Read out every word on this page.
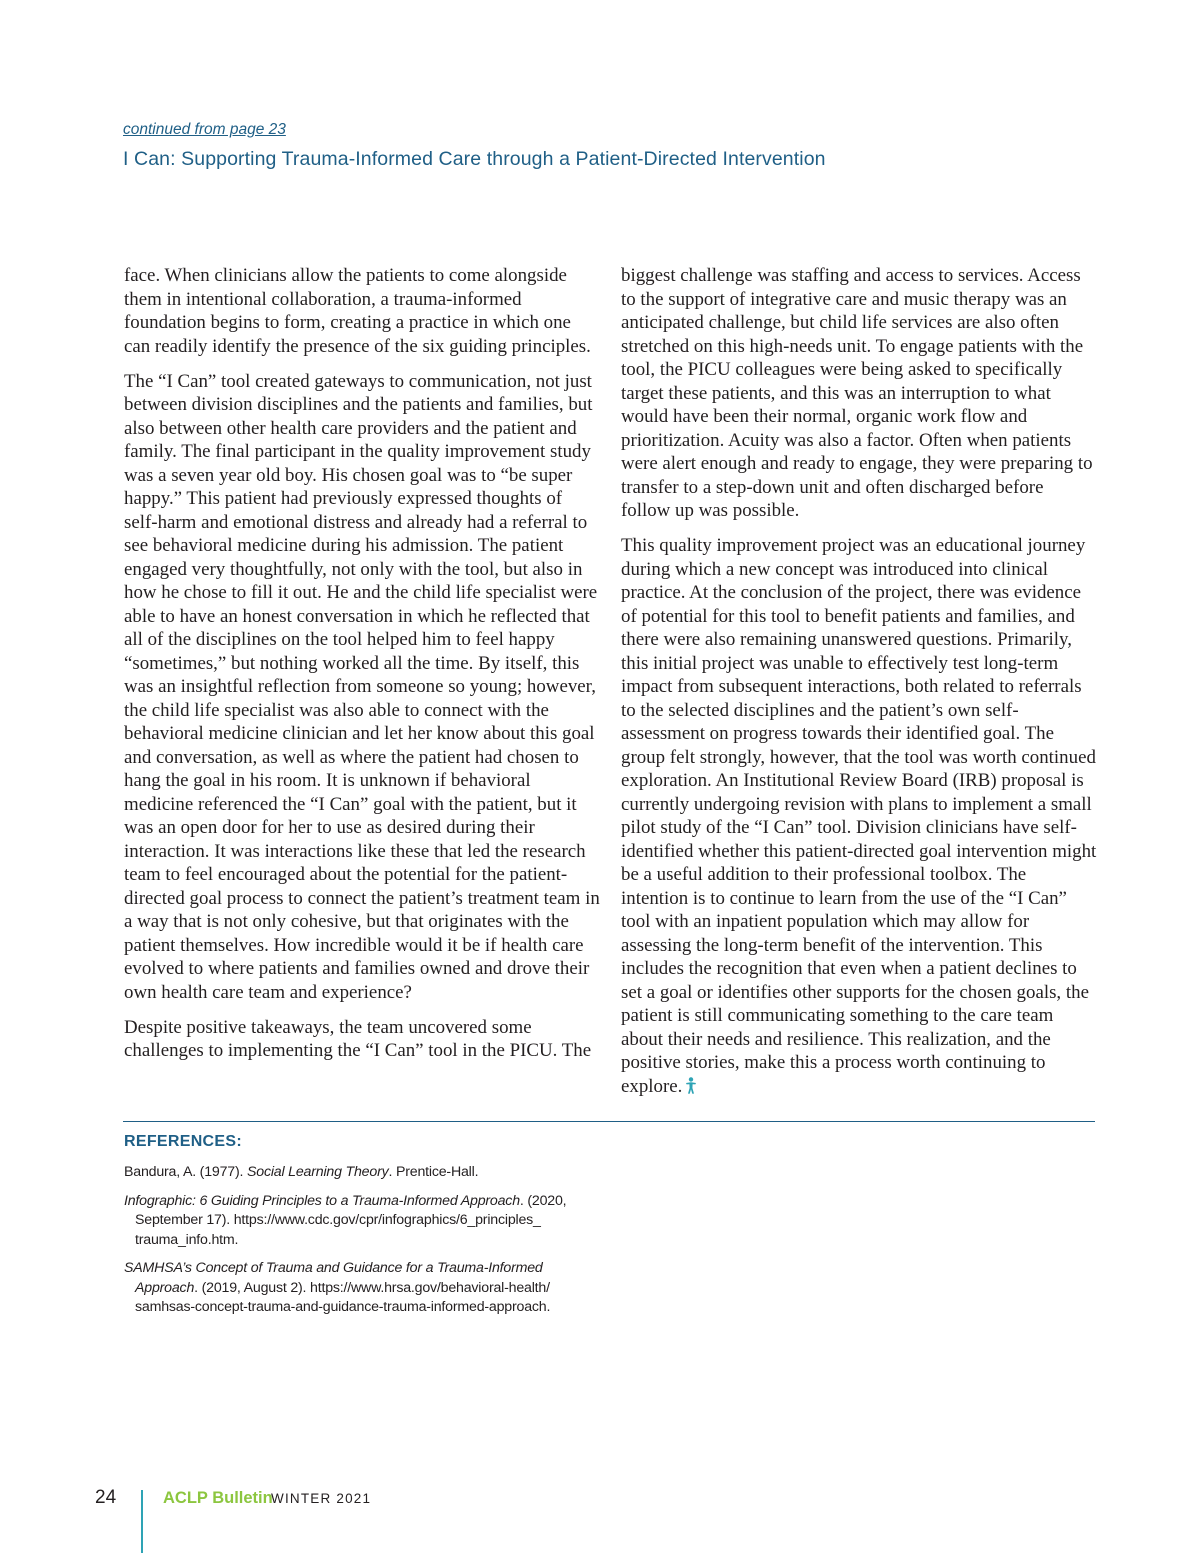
continued from page 23

I Can: Supporting Trauma-Informed Care through a Patient-Directed Intervention

face. When clinicians allow the patients to come alongside them in intentional collaboration, a trauma-informed foundation begins to form, creating a practice in which one can readily identify the presence of the six guiding principles.

The “I Can” tool created gateways to communication, not just between division disciplines and the patients and families, but also between other health care providers and the patient and family. The final participant in the quality improvement study was a seven year old boy. His chosen goal was to “be super happy.” This patient had previously expressed thoughts of self-harm and emotional distress and already had a referral to see behavioral medicine during his admission. The patient engaged very thoughtfully, not only with the tool, but also in how he chose to fill it out. He and the child life specialist were able to have an honest conversation in which he reflected that all of the disciplines on the tool helped him to feel happy “sometimes,” but nothing worked all the time. By itself, this was an insightful reflection from someone so young; however, the child life specialist was also able to connect with the behavioral medicine clinician and let her know about this goal and conversation, as well as where the patient had chosen to hang the goal in his room. It is unknown if behavioral medicine referenced the “I Can” goal with the patient, but it was an open door for her to use as desired during their interaction. It was interactions like these that led the research team to feel encouraged about the potential for the patient-directed goal process to connect the patient’s treatment team in a way that is not only cohesive, but that originates with the patient themselves. How incredible would it be if health care evolved to where patients and families owned and drove their own health care team and experience?

Despite positive takeaways, the team uncovered some challenges to implementing the “I Can” tool in the PICU. The

biggest challenge was staffing and access to services. Access to the support of integrative care and music therapy was an anticipated challenge, but child life services are also often stretched on this high-needs unit. To engage patients with the tool, the PICU colleagues were being asked to specifically target these patients, and this was an interruption to what would have been their normal, organic work flow and prioritization. Acuity was also a factor. Often when patients were alert enough and ready to engage, they were preparing to transfer to a step-down unit and often discharged before follow up was possible.

This quality improvement project was an educational journey during which a new concept was introduced into clinical practice. At the conclusion of the project, there was evidence of potential for this tool to benefit patients and families, and there were also remaining unanswered questions. Primarily, this initial project was unable to effectively test long-term impact from subsequent interactions, both related to referrals to the selected disciplines and the patient’s own self-assessment on progress towards their identified goal. The group felt strongly, however, that the tool was worth continued exploration. An Institutional Review Board (IRB) proposal is currently undergoing revision with plans to implement a small pilot study of the “I Can” tool. Division clinicians have self-identified whether this patient-directed goal intervention might be a useful addition to their professional toolbox. The intention is to continue to learn from the use of the “I Can” tool with an inpatient population which may allow for assessing the long-term benefit of the intervention. This includes the recognition that even when a patient declines to set a goal or identifies other supports for the chosen goals, the patient is still communicating something to the care team about their needs and resilience. This realization, and the positive stories, make this a process worth continuing to explore.

REFERENCES:
Bandura, A. (1977). Social Learning Theory. Prentice-Hall.
Infographic: 6 Guiding Principles to a Trauma-Informed Approach. (2020, September 17). https://www.cdc.gov/cpr/infographics/6_principles_ trauma_info.htm.
SAMHSA’s Concept of Trauma and Guidance for a Trauma-Informed Approach. (2019, August 2). https://www.hrsa.gov/behavioral-health/ samhsas-concept-trauma-and-guidance-trauma-informed-approach.
24	ACLP Bulletin
WINTER 2021
